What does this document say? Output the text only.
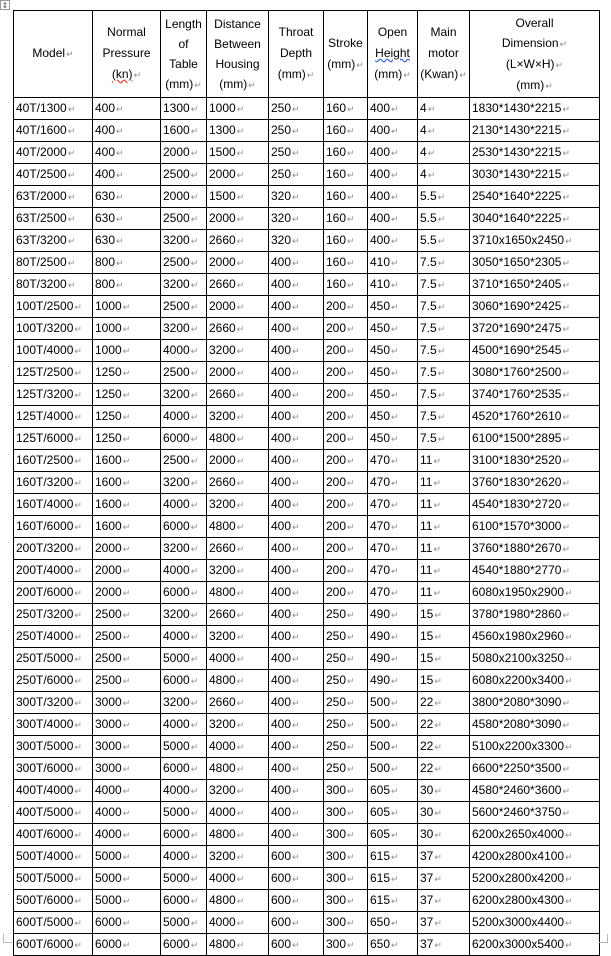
⇕
Model↵	Normal
Pressure
(kn)↵	Length
of
Table
(mm)↵	Distance
Between
Housing
(mm)↵	Throat
Depth
(mm)↵	Stroke
(mm)↵	Open
Height
(mm)↵	Main
motor
(Kwan)↵	Overall
Dimension↵
(L×W×H)↵
(mm)↵
40T/1300↵	400↵	1300↵	1000↵	250↵	160↵	400↵	4↵	1830*1430*2215↵
40T/1600↵	400↵	1600↵	1300↵	250↵	160↵	400↵	4↵	2130*1430*2215↵
40T/2000↵	400↵	2000↵	1500↵	250↵	160↵	400↵	4↵	2530*1430*2215↵
40T/2500↵	400↵	2500↵	2000↵	250↵	160↵	400↵	4↵	3030*1430*2215↵
63T/2000↵	630↵	2000↵	1500↵	320↵	160↵	400↵	5.5↵	2540*1640*2225↵
63T/2500↵	630↵	2500↵	2000↵	320↵	160↵	400↵	5.5↵	3040*1640*2225↵
63T/3200↵	630↵	3200↵	2660↵	320↵	160↵	400↵	5.5↵	3710x1650x2450↵
80T/2500↵	800↵	2500↵	2000↵	400↵	160↵	410↵	7.5↵	3050*1650*2305↵
80T/3200↵	800↵	3200↵	2660↵	400↵	160↵	410↵	7.5↵	3710*1650*2405↵
100T/2500↵	1000↵	2500↵	2000↵	400↵	200↵	450↵	7.5↵	3060*1690*2425↵
100T/3200↵	1000↵	3200↵	2660↵	400↵	200↵	450↵	7.5↵	3720*1690*2475↵
100T/4000↵	1000↵	4000↵	3200↵	400↵	200↵	450↵	7.5↵	4500*1690*2545↵
125T/2500↵	1250↵	2500↵	2000↵	400↵	200↵	450↵	7.5↵	3080*1760*2500↵
125T/3200↵	1250↵	3200↵	2660↵	400↵	200↵	450↵	7.5↵	3740*1760*2535↵
125T/4000↵	1250↵	4000↵	3200↵	400↵	200↵	450↵	7.5↵	4520*1760*2610↵
125T/6000↵	1250↵	6000↵	4800↵	400↵	200↵	450↵	7.5↵	6100*1500*2895↵
160T/2500↵	1600↵	2500↵	2000↵	400↵	200↵	470↵	11↵	3100*1830*2520↵
160T/3200↵	1600↵	3200↵	2660↵	400↵	200↵	470↵	11↵	3760*1830*2620↵
160T/4000↵	1600↵	4000↵	3200↵	400↵	200↵	470↵	11↵	4540*1830*2720↵
160T/6000↵	1600↵	6000↵	4800↵	400↵	200↵	470↵	11↵	6100*1570*3000↵
200T/3200↵	2000↵	3200↵	2660↵	400↵	200↵	470↵	11↵	3760*1880*2670↵
200T/4000↵	2000↵	4000↵	3200↵	400↵	200↵	470↵	11↵	4540*1880*2770↵
200T/6000↵	2000↵	6000↵	4800↵	400↵	200↵	470↵	11↵	6080x1950x2900↵
250T/3200↵	2500↵	3200↵	2660↵	400↵	250↵	490↵	15↵	3780*1980*2860↵
250T/4000↵	2500↵	4000↵	3200↵	400↵	250↵	490↵	15↵	4560x1980x2960↵
250T/5000↵	2500↵	5000↵	4000↵	400↵	250↵	490↵	15↵	5080x2100x3250↵
250T/6000↵	2500↵	6000↵	4800↵	400↵	250↵	490↵	15↵	6080x2200x3400↵
300T/3200↵	3000↵	3200↵	2660↵	400↵	250↵	500↵	22↵	3800*2080*3090↵
300T/4000↵	3000↵	4000↵	3200↵	400↵	250↵	500↵	22↵	4580*2080*3090↵
300T/5000↵	3000↵	5000↵	4000↵	400↵	250↵	500↵	22↵	5100x2200x3300↵
300T/6000↵	3000↵	6000↵	4800↵	400↵	250↵	500↵	22↵	6600*2250*3500↵
400T/4000↵	4000↵	4000↵	3200↵	400↵	300↵	605↵	30↵	4580*2460*3600↵
400T/5000↵	4000↵	5000↵	4000↵	400↵	300↵	605↵	30↵	5600*2460*3750↵
400T/6000↵	4000↵	6000↵	4800↵	400↵	300↵	605↵	30↵	6200x2650x4000↵
500T/4000↵	5000↵	4000↵	3200↵	600↵	300↵	615↵	37↵	4200x2800x4100↵
500T/5000↵	5000↵	5000↵	4000↵	600↵	300↵	615↵	37↵	5200x2800x4200↵
500T/6000↵	5000↵	6000↵	4800↵	600↵	300↵	615↵	37↵	6200x2800x4300↵
600T/5000↵	6000↵	5000↵	4000↵	600↵	300↵	650↵	37↵	5200x3000x4400↵
600T/6000↵	6000↵	6000↵	4800↵	600↵	300↵	650↵	37↵	6200x3000x5400↵
